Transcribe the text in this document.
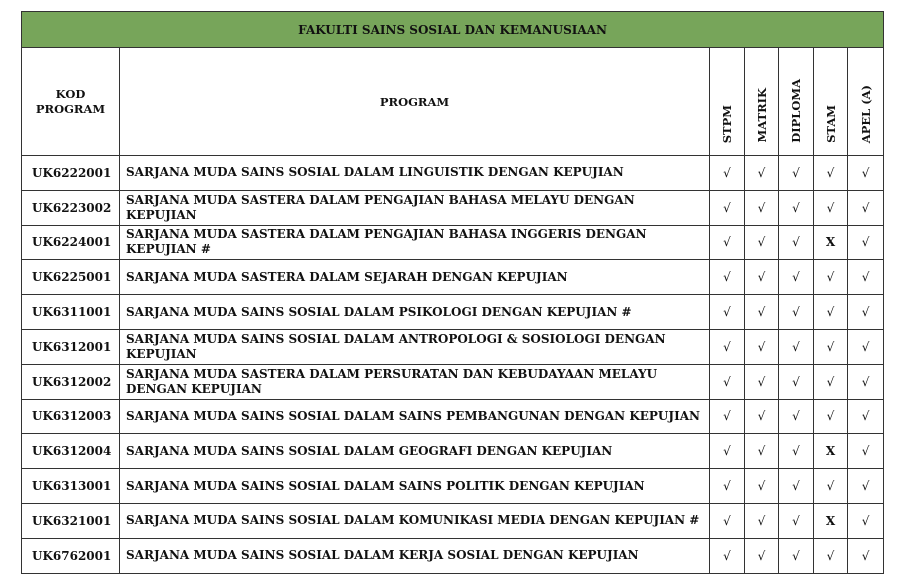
FAKULTI SAINS SOSIAL DAN KEMANUSIAAN						
KOD
PROGRAM	PROGRAM	STPM	MATRIK	DIPLOMA	STAM	APEL (A)
UK6222001	SARJANA MUDA SAINS SOSIAL DALAM LINGUISTIK DENGAN KEPUJIAN	√	√	√	√	√
UK6223002	SARJANA MUDA SASTERA DALAM PENGAJIAN BAHASA MELAYU DENGAN KEPUJIAN	√	√	√	√	√
UK6224001	SARJANA MUDA SASTERA DALAM PENGAJIAN BAHASA INGGERIS DENGAN KEPUJIAN #	√	√	√	X	√
UK6225001	SARJANA MUDA SASTERA DALAM SEJARAH DENGAN KEPUJIAN	√	√	√	√	√
UK6311001	SARJANA MUDA SAINS SOSIAL DALAM PSIKOLOGI DENGAN KEPUJIAN #	√	√	√	√	√
UK6312001	SARJANA MUDA SAINS SOSIAL DALAM ANTROPOLOGI & SOSIOLOGI DENGAN KEPUJIAN	√	√	√	√	√
UK6312002	SARJANA MUDA SASTERA DALAM PERSURATAN DAN KEBUDAYAAN MELAYU DENGAN KEPUJIAN	√	√	√	√	√
UK6312003	SARJANA MUDA SAINS SOSIAL DALAM SAINS PEMBANGUNAN DENGAN KEPUJIAN	√	√	√	√	√
UK6312004	SARJANA MUDA SAINS SOSIAL DALAM GEOGRAFI DENGAN KEPUJIAN	√	√	√	X	√
UK6313001	SARJANA MUDA SAINS SOSIAL DALAM SAINS POLITIK DENGAN KEPUJIAN	√	√	√	√	√
UK6321001	SARJANA MUDA SAINS SOSIAL DALAM KOMUNIKASI MEDIA DENGAN KEPUJIAN #	√	√	√	X	√
UK6762001	SARJANA MUDA SAINS SOSIAL DALAM KERJA SOSIAL DENGAN KEPUJIAN	√	√	√	√	√
